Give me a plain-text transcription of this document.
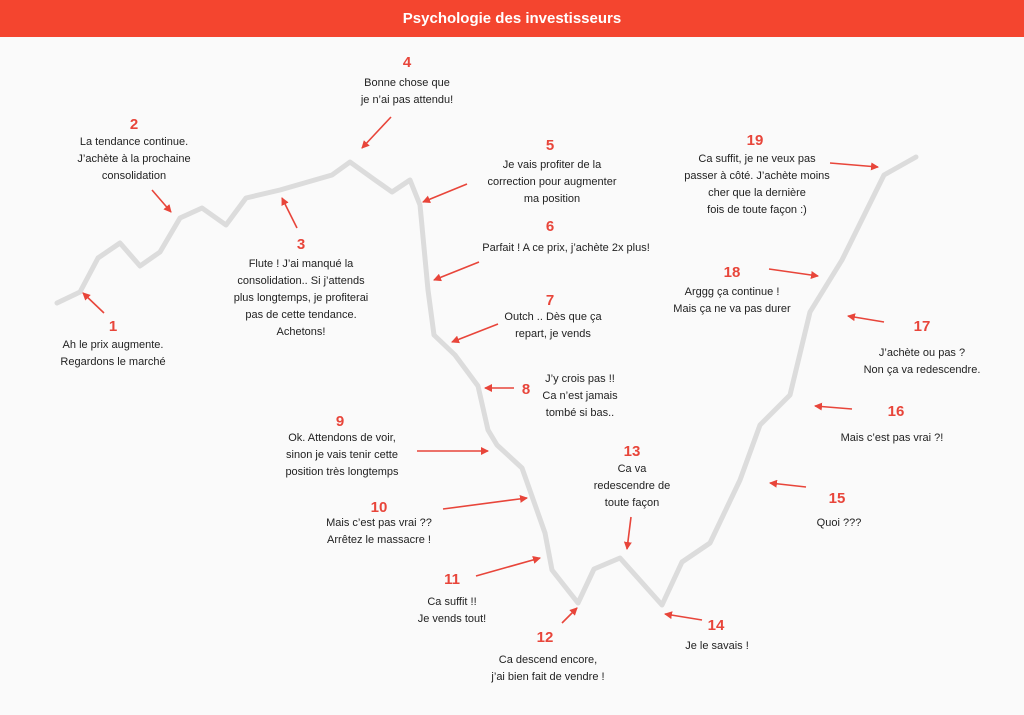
Psychologie des investisseurs
1
Ah le prix augmente.
Regardons le marché
2
La tendance continue.
J’achète à la prochaine
consolidation
3
Flute ! J’ai manqué la
consolidation.. Si j’attends
plus longtemps, je profiterai
pas de cette tendance.
Achetons!
4
Bonne chose que
je n’ai pas attendu!
5
Je vais profiter de la
correction pour augmenter
ma position
6
Parfait ! A ce prix, j’achète 2x plus!
7
Outch .. Dès que ça
repart, je vends
8
J’y crois pas !!
Ca n’est jamais
tombé si bas..
9
Ok. Attendons de voir,
sinon je vais tenir cette
position très longtemps
10
Mais c’est pas vrai ??
Arrêtez le massacre !
11
Ca suffit !!
Je vends tout!
12
Ca descend encore,
j’ai bien fait de vendre !
13
Ca va
redescendre de
toute façon
14
Je le savais !
15
Quoi ???
16
Mais c’est pas vrai ?!
17
J’achète ou pas ?
Non ça va redescendre.
18
Arggg ça continue !
Mais ça ne va pas durer
19
Ca suffit, je ne veux pas
passer à côté. J’achète moins
cher que la dernière
fois de toute façon :)
